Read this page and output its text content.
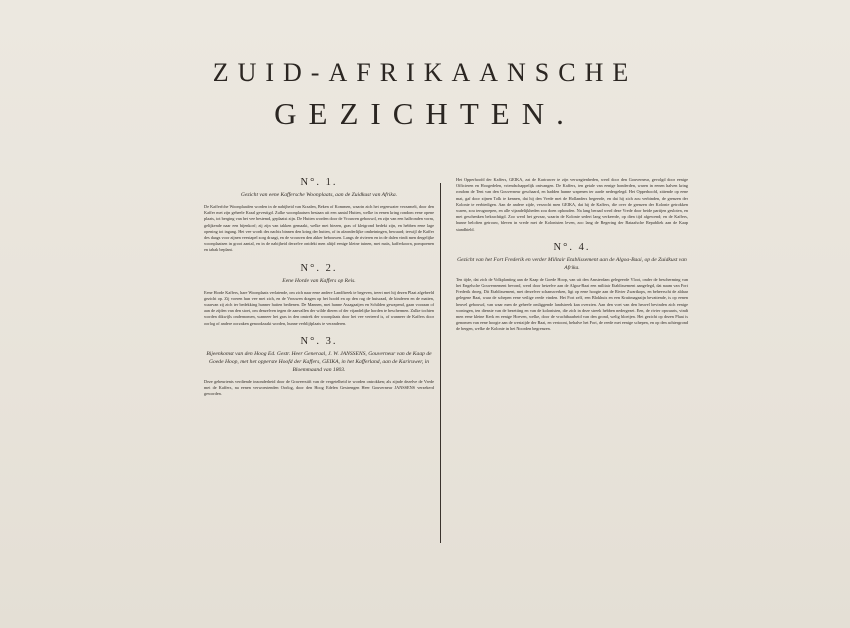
ZUID-AFRIKAANSCHE
GEZICHTEN.
N°. 1.
Gezicht van eene Kaffersche Woonplaats, aan de Zuidkust van Afrika.

De Kafferfche Woonplaatfen worden in de nabijheid van Kraalen, Beken of Kommen, waarin zich het regenwater verzamelt, door den Kaffer met zijn geheele Kraal gevestigd. Zulke woonplaatsen bestaan uit een aantal Hutten, welke in eenen kring rondom eene opene plaats, tot berging van het vee bestemd, geplaatst zijn. De Hutten worden door de Vrouwen gebouwd, en zijn van een halfronden vorm, gelijkende naar een bijenkorf; zij zijn van takken gemaakt, welke met biezen, gras of kleigrond bedekt zijn, en hebben eene lage opening tot ingang. Het vee wordt des nachts binnen den kring der hutten, of in afzonderlijke omheiningen, bewaard; terwijl de Kaffer des daags voor zijnen veestapel zorg draagt, en de vrouwen den akker bebouwen. Langs de rivieren en in de dalen vindt men dergelijke woonplaatsen in groot aantal, en in de nabijheid derzelve ontdekt men altijd eenige kleine tuinen, met maïs, kafferkoorn, pompoenen en tabak beplant.

N°. 2.
Eene Horde van Kaffers op Reis.

Eene Horde Kaffers, hare Woonplaats verlatende, om zich naar eene andere Landftreek te begeven, treert met hij dezen Plaat afgebeeld gezicht op. Zij voeren hun vee met zich, en de Vrouwen dragen op het hoofd en op den rug de huisraad, de kinderen en de matten, waarvan zij zich ter bedekking hunner hutten bedienen. De Mannen, met hunne Assagaaijen en Schilden gewapend, gaan vooraan of aan de zijden van den stoet, om denzelven tegen de aanvallen der wilde dieren of der vijandelijke horden te beschermen. Zulke tochten worden dikwijls ondernomen, wanneer het gras in den omtrek der woonplaats door het vee verteerd is, of wanneer de Kaffers door oorlog of andere oorzaken genoodzaakt worden, hunne verblijfplaats te veranderen.

N°. 3.
Bijeenkomst van den Hoog Ed. Gestr. Heer Generaal, J. W. JANSSENS, Gouverneur van de Kaap de Goede Hoop, met het opperste Hoofd der Kaffers, GEIKA, in het Kafferland, aan de Kariruwer, in Bloemmaand van 1803.

Deze gebeurtenis verdiende inzonderheid door de Graveerstift van de vergetelheid te worden ontrokken; als zijnde dezelve de Vrede met de Kaffers, na eenen verwoestenden Oorlog, door den Hoog Edelen Gestrengen Heer Gouverneur JANSSENS verzekerd geworden.

Het Opperhoofd der Kaffers, GEIKA, zat de Kariruwer te zijn verwagtenheden, werd door den Gouverneur, gevolgd door eenige Officieren en Hoogedelen, vriendschappelijk ontvangen. De Kaffers, ten getale van eenige honderden, waren in eenen halven kring rondom de Tent van den Gouverneur geschaard, en hadden hunne wapenen ter aarde nedergelegd. Het Opperhoofd, zittende op eene mat, gaf door zijnen Tolk te kennen, dat hij den Vrede met de Hollanders begeerde, en dat hij zich zou verbinden, de grenzen der Kolonie te eerbiedigen. Aan de andere zijde, verzocht men GEIKA, dat hij de Kaffers, die over de grenzen der Kolonie getrokken waren, zou terugroepen, en alle vijandelijkheden zou doen ophouden. Na lang beraad werd deze Vrede door beide partijen gesloten, en met geschenken bekrachtigd. Zoo werd het gevaar, waarin de Kolonie sedert lang verkeerde, op dien tijd afgewend; en de Kaffers, hunne beloften getrouw, bleven in vrede met de Kolonisten leven, zoo lang de Regering der Bataafsche Republiek aan de Kaap standhield.

N°. 4.
Gezicht van het Fort Frederik en verder Militair Etablissement aan de Algoa-Baai, op de Zuidkust van Afrika.

Ten tijde, dat zich de Volkplanting aan de Kaap de Goede Hoop, van uit den Amsterdam gelegeerde Vloot, onder de bescherming van het Engelsche Gouvernement bevond, werd door hetzelve aan de Algoa-Baai een militair Etablissement aangelegd, dat naam van Fort Frederik droeg. Dit Etablissement, met derzelver schanswerken, ligt op eene hoogte aan de Rivier Zwartkops, en beheerscht de aldaar gelegene Baai, waar de schepen eene veilige reede vinden. Het Fort zelf, een Blokhuis en een Kruitmagazijn bevattende, is op eenen heuvel gebouwd, van waar men de geheele omliggende landstreek kan overzien. Aan den voet van den heuvel bevinden zich eenige woningen, ten dienste van de bezetting en van de kolonisten, die zich in deze streek hebben nedergezet. Een, de rivier opwaarts, vindt men eene kleine Kerk en eenige Hoeven, welke, door de vruchtbaarheid van den grond, welig bloeijen. Het gezicht op dezen Plaat is genomen van eene hoogte aan de westzijde der Baai, en vertoont, behalve het Fort, de reede met eenige schepen, en op den achtergrond de bergen, welke de Kolonie in het Noorden begrenzen.
